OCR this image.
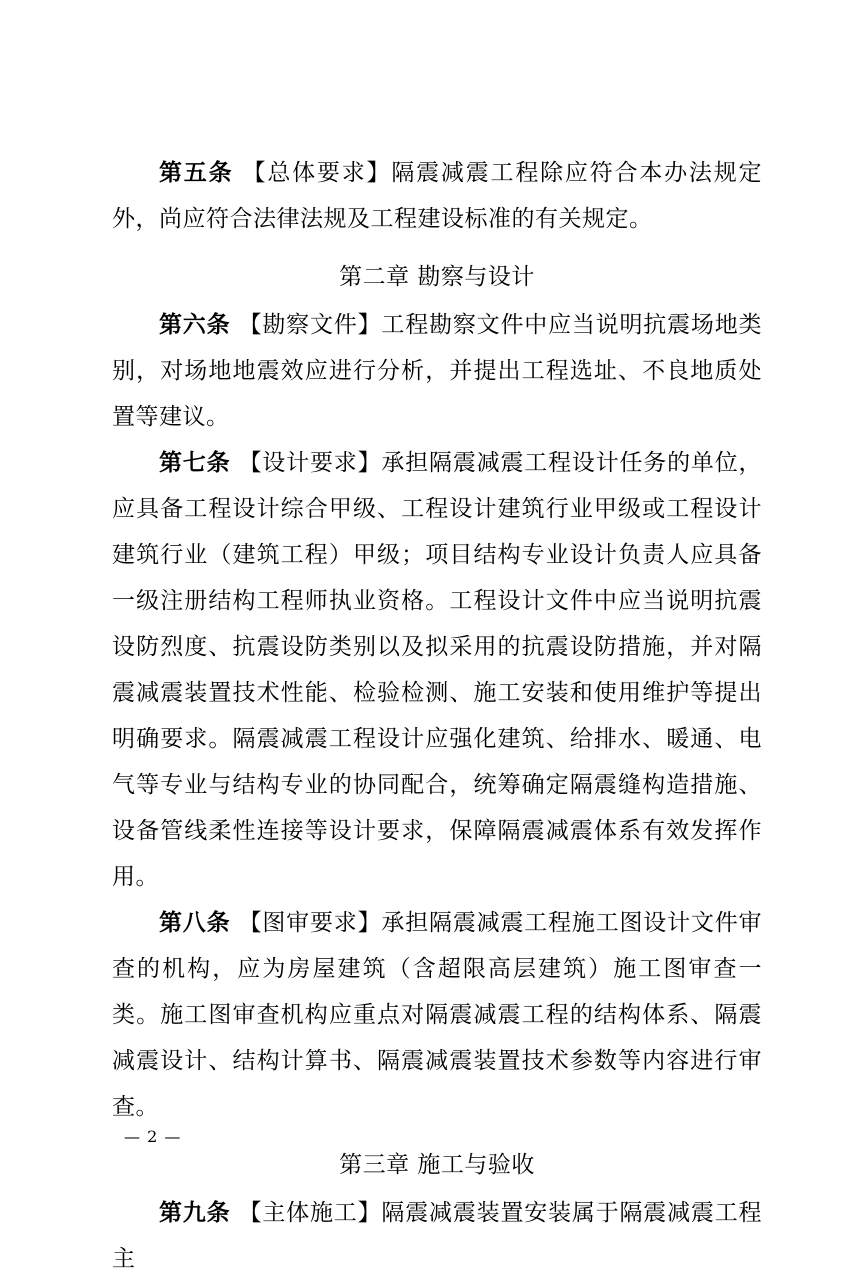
第五条 【总体要求】隔震减震工程除应符合本办法规定外，尚应符合法律法规及工程建设标准的有关规定。

第二章 勘察与设计

第六条 【勘察文件】工程勘察文件中应当说明抗震场地类别，对场地地震效应进行分析，并提出工程选址、不良地质处置等建议。

第七条 【设计要求】承担隔震减震工程设计任务的单位，应具备工程设计综合甲级、工程设计建筑行业甲级或工程设计建筑行业（建筑工程）甲级；项目结构专业设计负责人应具备一级注册结构工程师执业资格。工程设计文件中应当说明抗震设防烈度、抗震设防类别以及拟采用的抗震设防措施，并对隔震减震装置技术性能、检验检测、施工安装和使用维护等提出明确要求。隔震减震工程设计应强化建筑、给排水、暖通、电气等专业与结构专业的协同配合，统筹确定隔震缝构造措施、设备管线柔性连接等设计要求，保障隔震减震体系有效发挥作用。

第八条 【图审要求】承担隔震减震工程施工图设计文件审查的机构，应为房屋建筑（含超限高层建筑）施工图审查一类。施工图审查机构应重点对隔震减震工程的结构体系、隔震减震设计、结构计算书、隔震减震装置技术参数等内容进行审查。

第三章 施工与验收

第九条 【主体施工】隔震减震装置安装属于隔震减震工程主

— 2 —
